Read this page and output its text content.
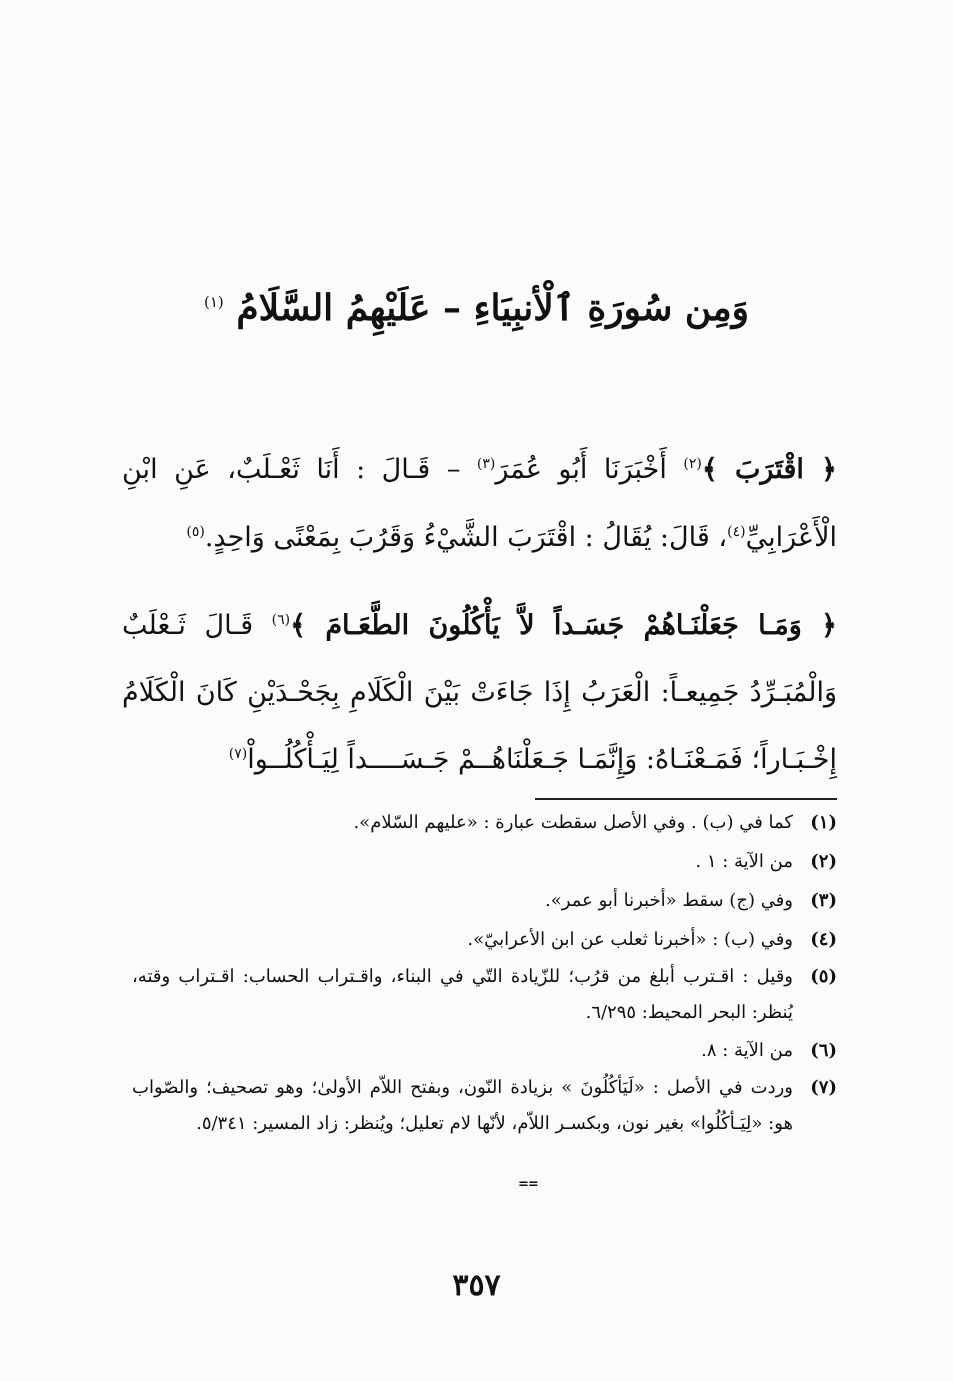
وَمِن سُورَةِ ٱلْأنبِيَاءِ – عَلَيْهِمُ السَّلَامُ $^{(١)}$

﴿ اقْتَرَبَ ﴾$^{(٢)}$ أَخْبَرَنَا أَبُو عُمَرَ$^{(٣)}$ – قَـالَ : أَنَا ثَعْـلَبٌ، عَنِ ابْنِ الْأَعْرَابِيِّ$^{(٤)}$، قَالَ: يُقَالُ : اقْتَرَبَ الشَّيْءُ وَقَرُبَ بِمَعْنًى وَاحِدٍ.$^{(٥)}$

﴿ وَمَـا جَعَلْنَـاهُمْ جَسَـداً لاَّ يَأْكُلُونَ الطَّعَـامَ ﴾$^{(٦)}$ قَـالَ ثَـعْلَبٌ وَالْمُبَـرِّدُ جَمِيعـاً: الْعَرَبُ إِذَا جَاءَتْ بَيْنَ الْكَلَامِ بِجَحْـدَيْنِ كَانَ الْكَلَامُ إِخْـبَـاراً؛ فَمَـعْنَـاهُ: وَإِنَّمَـا جَـعَلْنَاهُــمْ جَـسَــــداً لِيَـأْكُلُــواْ$^{(٧)}$

(١)
كما في (ب) . وفي الأصل سقطت عبارة : «عليهم السّلام».
(٢)
من الآية : ١ .
(٣)
وفي (ج) سقط «أخبرنا أبو عمر».
(٤)
وفي (ب) : «أخبرنا ثعلب عن ابن الأعرابيّ».
(٥)
وقيل : اقـترب أبلغ من قرُب؛ للزّيادة التّي في البناء، واقـتراب الحساب: اقـتراب وقته، يُنظر: البحر المحيط: ٦/٢٩٥.
(٦)
من الآية : ٨.
(٧)
وردت في الأصل : «لَيَأكُلُونَ » بزيادة النّون، وبفتح اللاّم الأولىٰ؛ وهو تصحيف؛ والصّواب هو: «لِيَـأكُلُوا» بغير نون، وبكسـر اللاّم، لأنّها لام تعليل؛ ويُنظر: زاد المسير: ٥/٣٤١.
==
٣٥٧
